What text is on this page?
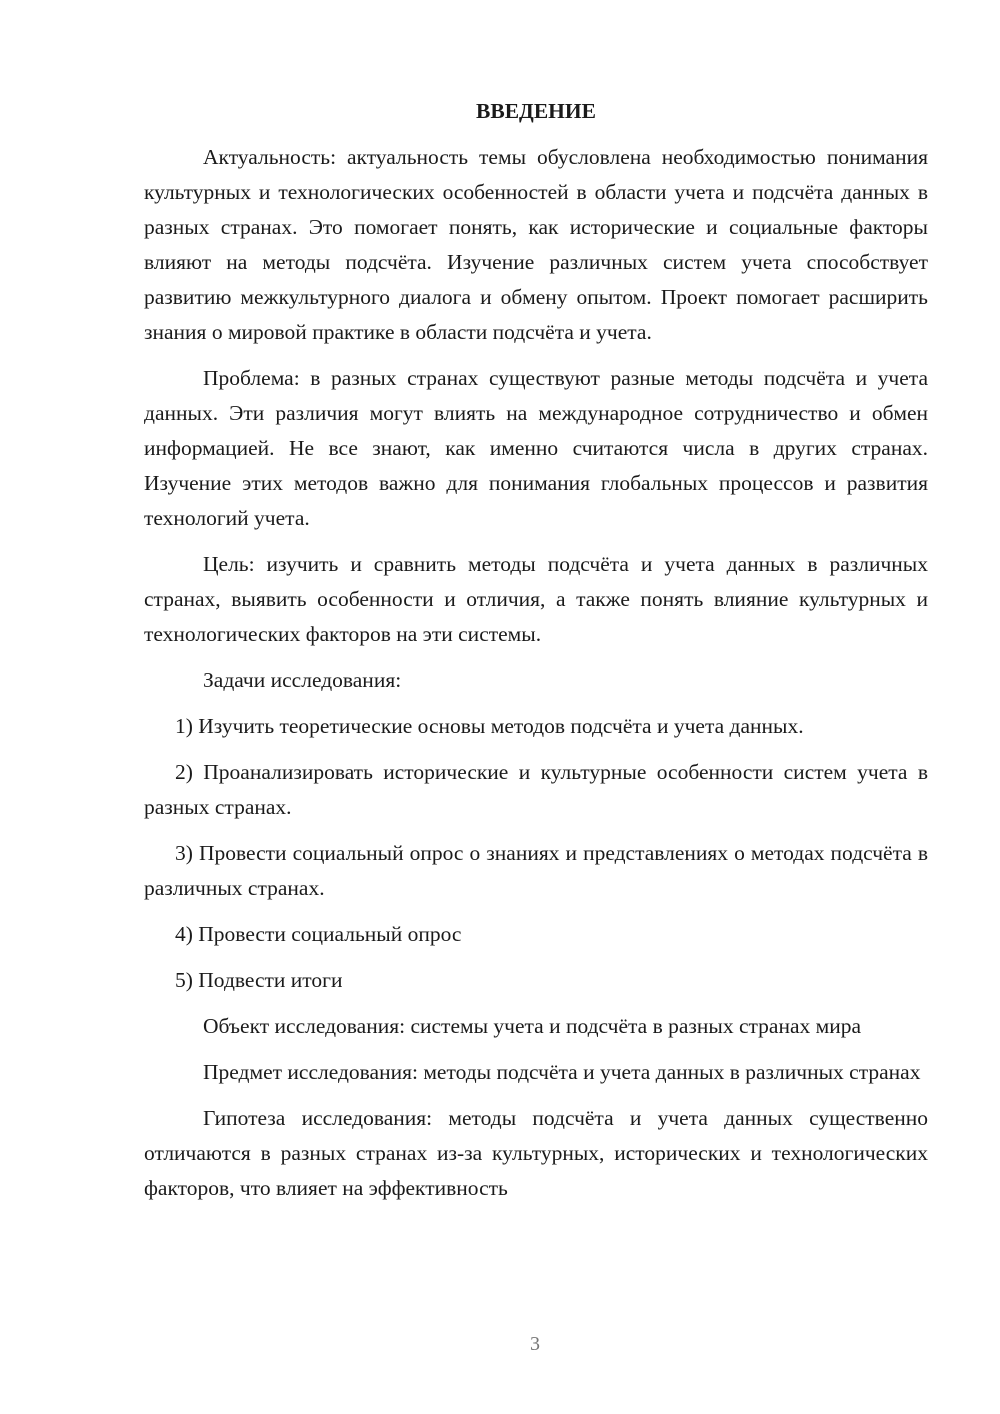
ВВЕДЕНИЕ

Актуальность: актуальность темы обусловлена необходимостью понимания культурных и технологических особенностей в области учета и подсчёта данных в разных странах. Это помогает понять, как исторические и социальные факторы влияют на методы подсчёта. Изучение различных систем учета способствует развитию межкультурного диалога и обмену опытом. Проект помогает расширить знания о мировой практике в области подсчёта и учета.

Проблема: в разных странах существуют разные методы подсчёта и учета данных. Эти различия могут влиять на международное сотрудничество и обмен информацией. Не все знают, как именно считаются числа в других странах. Изучение этих методов важно для понимания глобальных процессов и развития технологий учета.

Цель: изучить и сравнить методы подсчёта и учета данных в различных странах, выявить особенности и отличия, а также понять влияние культурных и технологических факторов на эти системы.

Задачи исследования:

1) Изучить теоретические основы методов подсчёта и учета данных.

2) Проанализировать исторические и культурные особенности систем учета в разных странах.

3) Провести социальный опрос о знаниях и представлениях о методах подсчёта в различных странах.

4) Провести социальный опрос

5) Подвести итоги

Объект исследования: системы учета и подсчёта в разных странах мира

Предмет исследования: методы подсчёта и учета данных в различных странах

Гипотеза исследования: методы подсчёта и учета данных существенно отличаются в разных странах из-за культурных, исторических и технологических факторов, что влияет на эффективность

3
